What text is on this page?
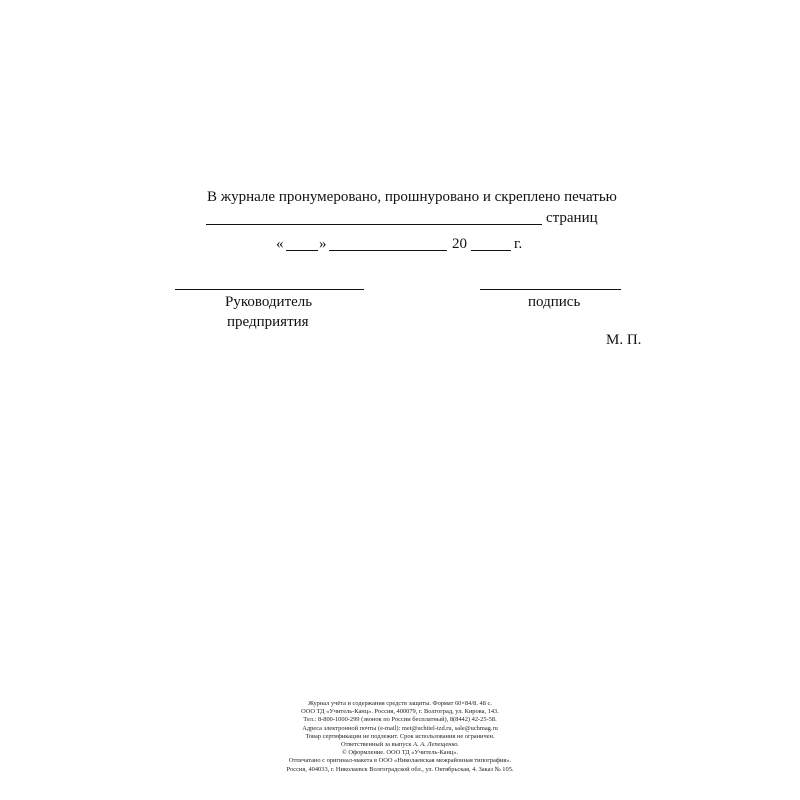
В журнале пронумеровано, прошнуровано и скреплено печатью
страниц
« »	20	г.
Руководитель
предприятия
подпись
М. П.
Журнал учёта и содержания средств защиты. Формат 60×84/8. 48 с.
ООО ТД «Учитель-Канц». Россия, 400079, г. Волгоград, ул. Кирова, 143.
Тел.: 8-800-1000-299 (звонок по России бесплатный), 8(8442) 42-25-58.
Адреса электронной почты (e-mail): met@uchitel-izd.ru, sale@uchmag.ru
Товар сертификации не подлежит. Срок использования не ограничен.
Ответственный за выпуск А. А. Лепещенко.
© Оформление. ООО ТД «Учитель-Канц».
Отпечатано с оригинал-макета в ООО «Николаевская межрайонная типография».
Россия, 404033, г. Николаевск Волгоградской обл., ул. Октябрьская, 4. Заказ № 105.
